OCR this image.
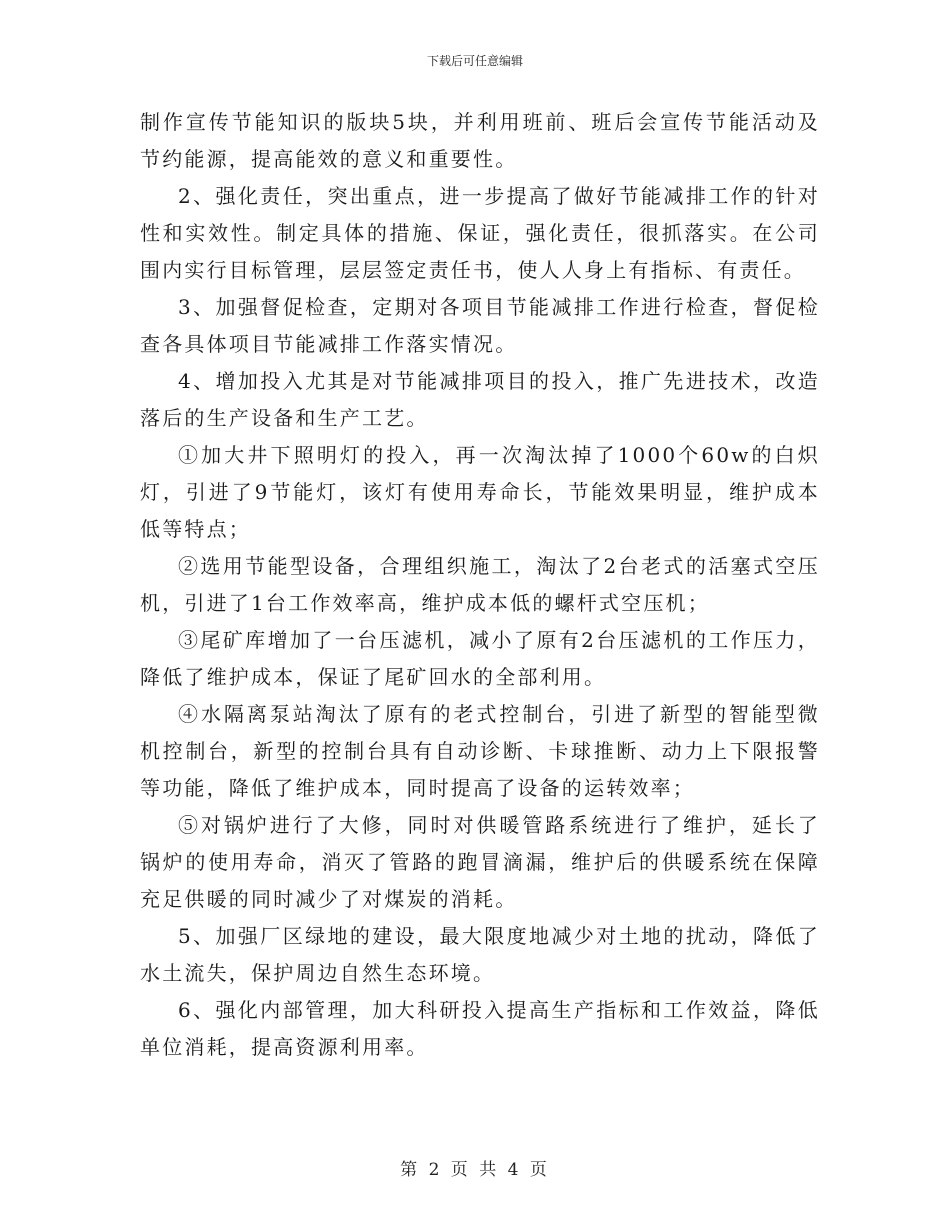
下载后可任意编辑

制作宣传节能知识的版块5块，并利用班前、班后会宣传节能活动及节约能源，提高能效的意义和重要性。

2、强化责任，突出重点，进一步提高了做好节能减排工作的针对性和实效性。制定具体的措施、保证，强化责任，很抓落实。在公司围内实行目标管理，层层签定责任书，使人人身上有指标、有责任。

3、加强督促检查，定期对各项目节能减排工作进行检查，督促检查各具体项目节能减排工作落实情况。

4、增加投入尤其是对节能减排项目的投入，推广先进技术，改造落后的生产设备和生产工艺。

①加大井下照明灯的投入，再一次淘汰掉了1000个60w的白炽灯，引进了9节能灯，该灯有使用寿命长，节能效果明显，维护成本低等特点；

②选用节能型设备，合理组织施工，淘汰了2台老式的活塞式空压机，引进了1台工作效率高，维护成本低的螺杆式空压机；

③尾矿库增加了一台压滤机，减小了原有2台压滤机的工作压力，降低了维护成本，保证了尾矿回水的全部利用。

④水隔离泵站淘汰了原有的老式控制台，引进了新型的智能型微机控制台，新型的控制台具有自动诊断、卡球推断、动力上下限报警等功能，降低了维护成本，同时提高了设备的运转效率；

⑤对锅炉进行了大修，同时对供暖管路系统进行了维护，延长了锅炉的使用寿命，消灭了管路的跑冒滴漏，维护后的供暖系统在保障充足供暖的同时减少了对煤炭的消耗。

5、加强厂区绿地的建设，最大限度地减少对土地的扰动，降低了水土流失，保护周边自然生态环境。

6、强化内部管理，加大科研投入提高生产指标和工作效益，降低单位消耗，提高资源利用率。

第 2 页 共 4 页
